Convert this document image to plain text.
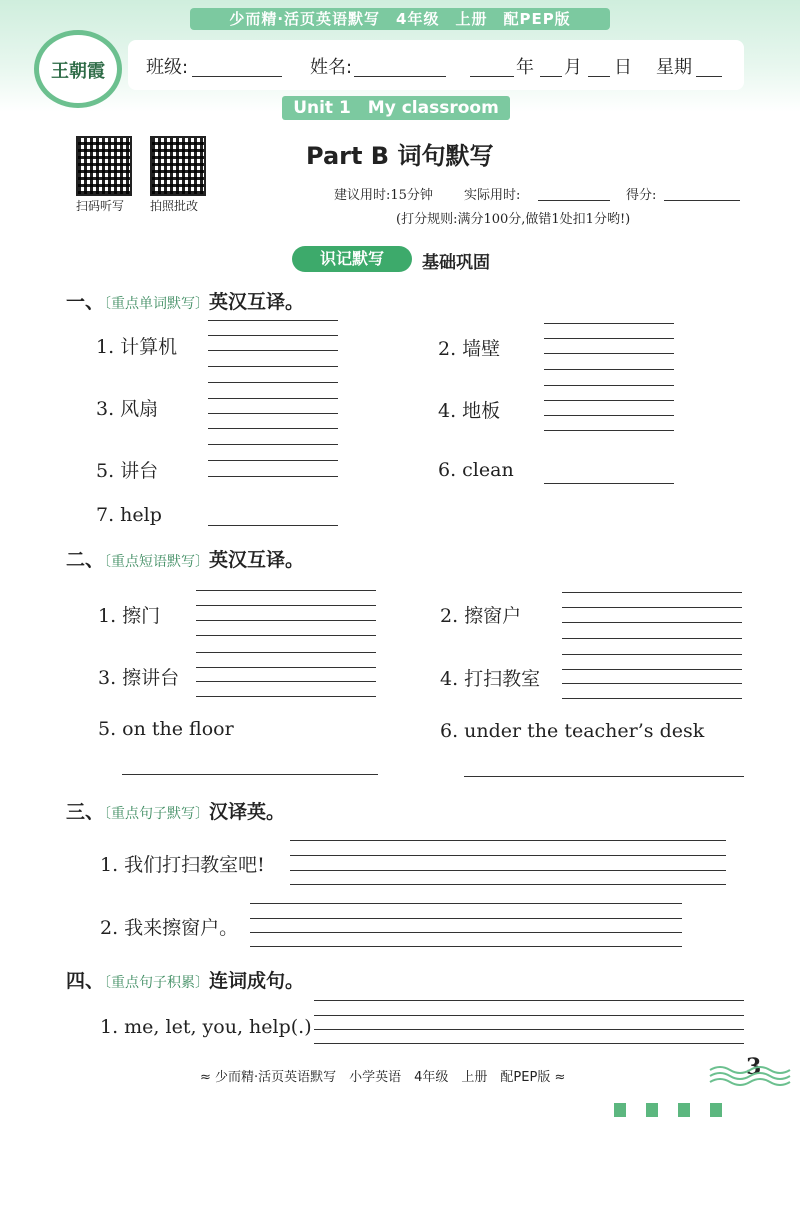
少而精·活页英语默写　4年级　上册　配PEP版
王朝霞	班级:	姓名:	年 月 日 星期
Unit 1　My classroom
扫码听写 拍照批改
Part B 词句默写
建议用时:15分钟 实际用时:	得分:
(打分规则:满分100分,做错1处扣1分哟!)
识记默写	基础巩固
一、〔重点单词默写〕英汉互译。
1. 计算机	2. 墙壁
3. 风扇	4. 地板
5. 讲台	6. clean
7. help
二、〔重点短语默写〕英汉互译。
1. 擦门	2. 擦窗户
3. 擦讲台	4. 打扫教室
5. on the floor	6. under the teacher’s desk
三、〔重点句子默写〕汉译英。
1. 我们打扫教室吧!
2. 我来擦窗户。
四、〔重点句子积累〕连词成句。
1. me, let, you, help(.)
≈ 少而精·活页英语默写　小学英语　4年级　上册　配PEP版 ≈	3
